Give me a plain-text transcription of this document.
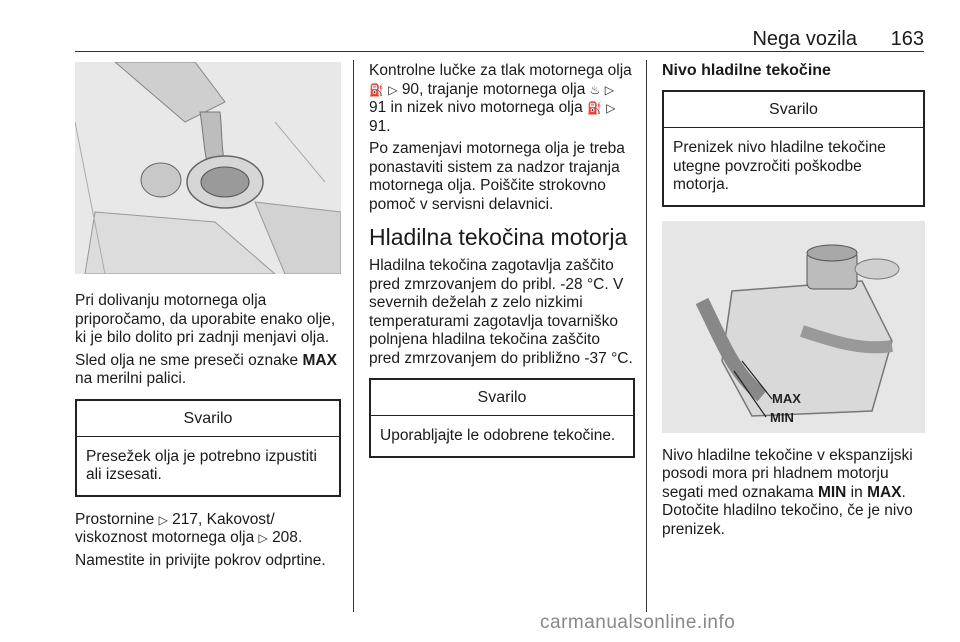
Nega vozila 163

Pri dolivanju motornega olja priporočamo, da uporabite enako olje, ki je bilo dolito pri zadnji menjavi olja.

Sled olja ne sme preseči oznake MAX na merilni palici.

Svarilo
Presežek olja je potrebno izpustiti ali izsesati.

Prostornine ▷ 217, Kakovost/ viskoznost motornega olja ▷ 208.

Namestite in privijte pokrov odprtine.

Kontrolne lučke za tlak motornega olja ⛽ ▷ 90, trajanje motornega olja ♨ ▷ 91 in nizek nivo motornega olja ⛽ ▷ 91.

Po zamenjavi motornega olja je treba ponastaviti sistem za nadzor trajanja motornega olja. Poiščite strokovno pomoč v servisni delavnici.

Hladilna tekočina motorja

Hladilna tekočina zagotavlja zaščito pred zmrzovanjem do pribl. -28 °C. V severnih deželah z zelo nizkimi temperaturami zagotavlja tovarniško polnjena hladilna tekočina zaščito pred zmrzovanjem do približno -37 °C.

Svarilo
Uporabljajte le odobrene tekočine.
Nivo hladilne tekočine
Svarilo
Prenizek nivo hladilne tekočine utegne povzročiti poškodbe motorja.
MAX
MIN

Nivo hladilne tekočine v ekspanzijski posodi mora pri hladnem motorju segati med oznakama MIN in MAX. Dotočite hladilno tekočino, če je nivo prenizek.

carmanualsonline.info
